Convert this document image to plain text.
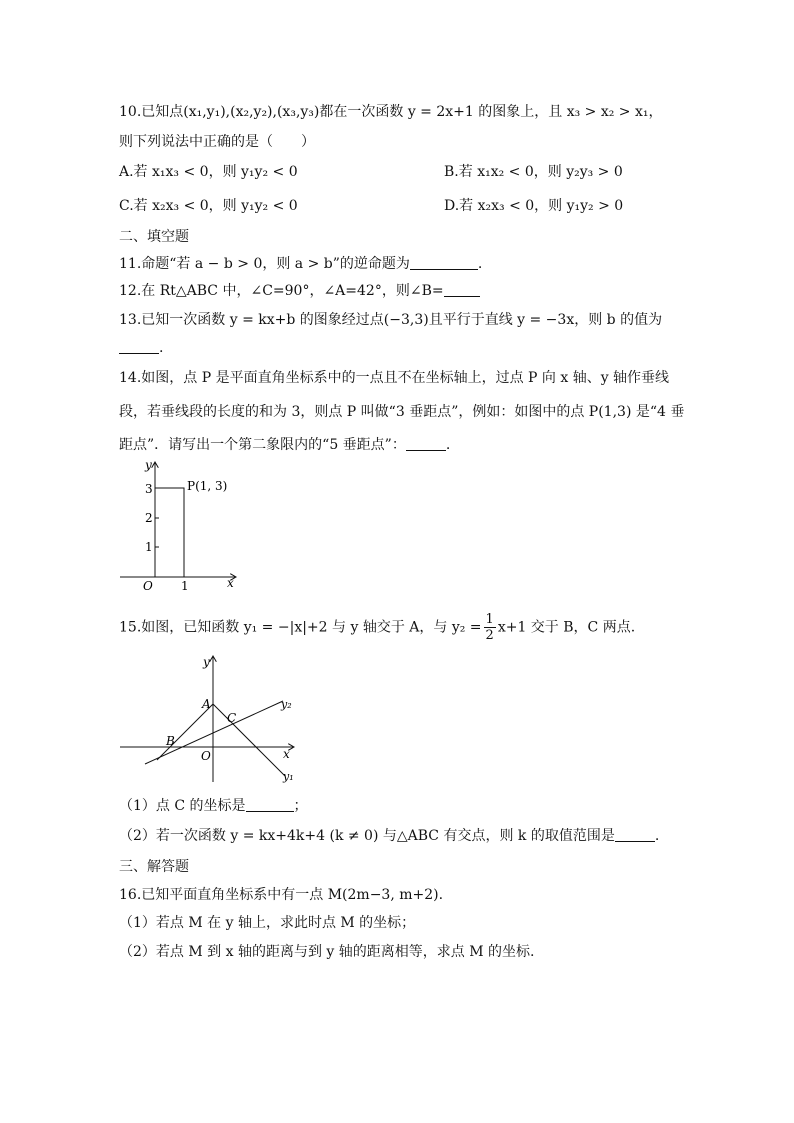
10.已知点(x₁,y₁),(x₂,y₂),(x₃,y₃)都在一次函数 y = 2x+1 的图象上，且 x₃ > x₂ > x₁，
则下列说法中正确的是（　　）
A.若 x₁x₃ < 0，则 y₁y₂ < 0	B.若 x₁x₂ < 0，则 y₂y₃ > 0
C.若 x₂x₃ < 0，则 y₁y₂ < 0	D.若 x₂x₃ < 0，则 y₁y₂ > 0
二、填空题
11.命题“若 a − b > 0，则 a > b”的逆命题为	.
12.在 Rt△ABC 中，∠C=90°，∠A=42°，则∠B=
13.已知一次函数 y = kx+b 的图象经过点(−3,3)且平行于直线 y = −3x，则 b 的值为
.
14.如图，点 P 是平面直角坐标系中的一点且不在坐标轴上，过点 P 向 x 轴、y 轴作垂线
段，若垂线段的长度的和为 3，则点 P 叫做“3 垂距点”，例如：如图中的点 P(1,3) 是“4 垂
距点”．请写出一个第二象限内的“5 垂距点”：	.
y
x
O
3
2
1
1
P(1, 3)
15.如图，已知函数 y₁ = −|x|+2 与 y 轴交于 A，与 $y_2 = \frac{1}{2} x+1$ 交于 B，C 两点.
y
x
O
A
B
C
y₁
y₂
（1）点 C 的坐标是	；
（2）若一次函数 y = kx+4k+4 (k ≠ 0) 与△ABC 有交点，则 k 的取值范围是	.
三、解答题
16.已知平面直角坐标系中有一点 M(2m−3, m+2).
（1）若点 M 在 y 轴上，求此时点 M 的坐标；
（2）若点 M 到 x 轴的距离与到 y 轴的距离相等，求点 M 的坐标.
